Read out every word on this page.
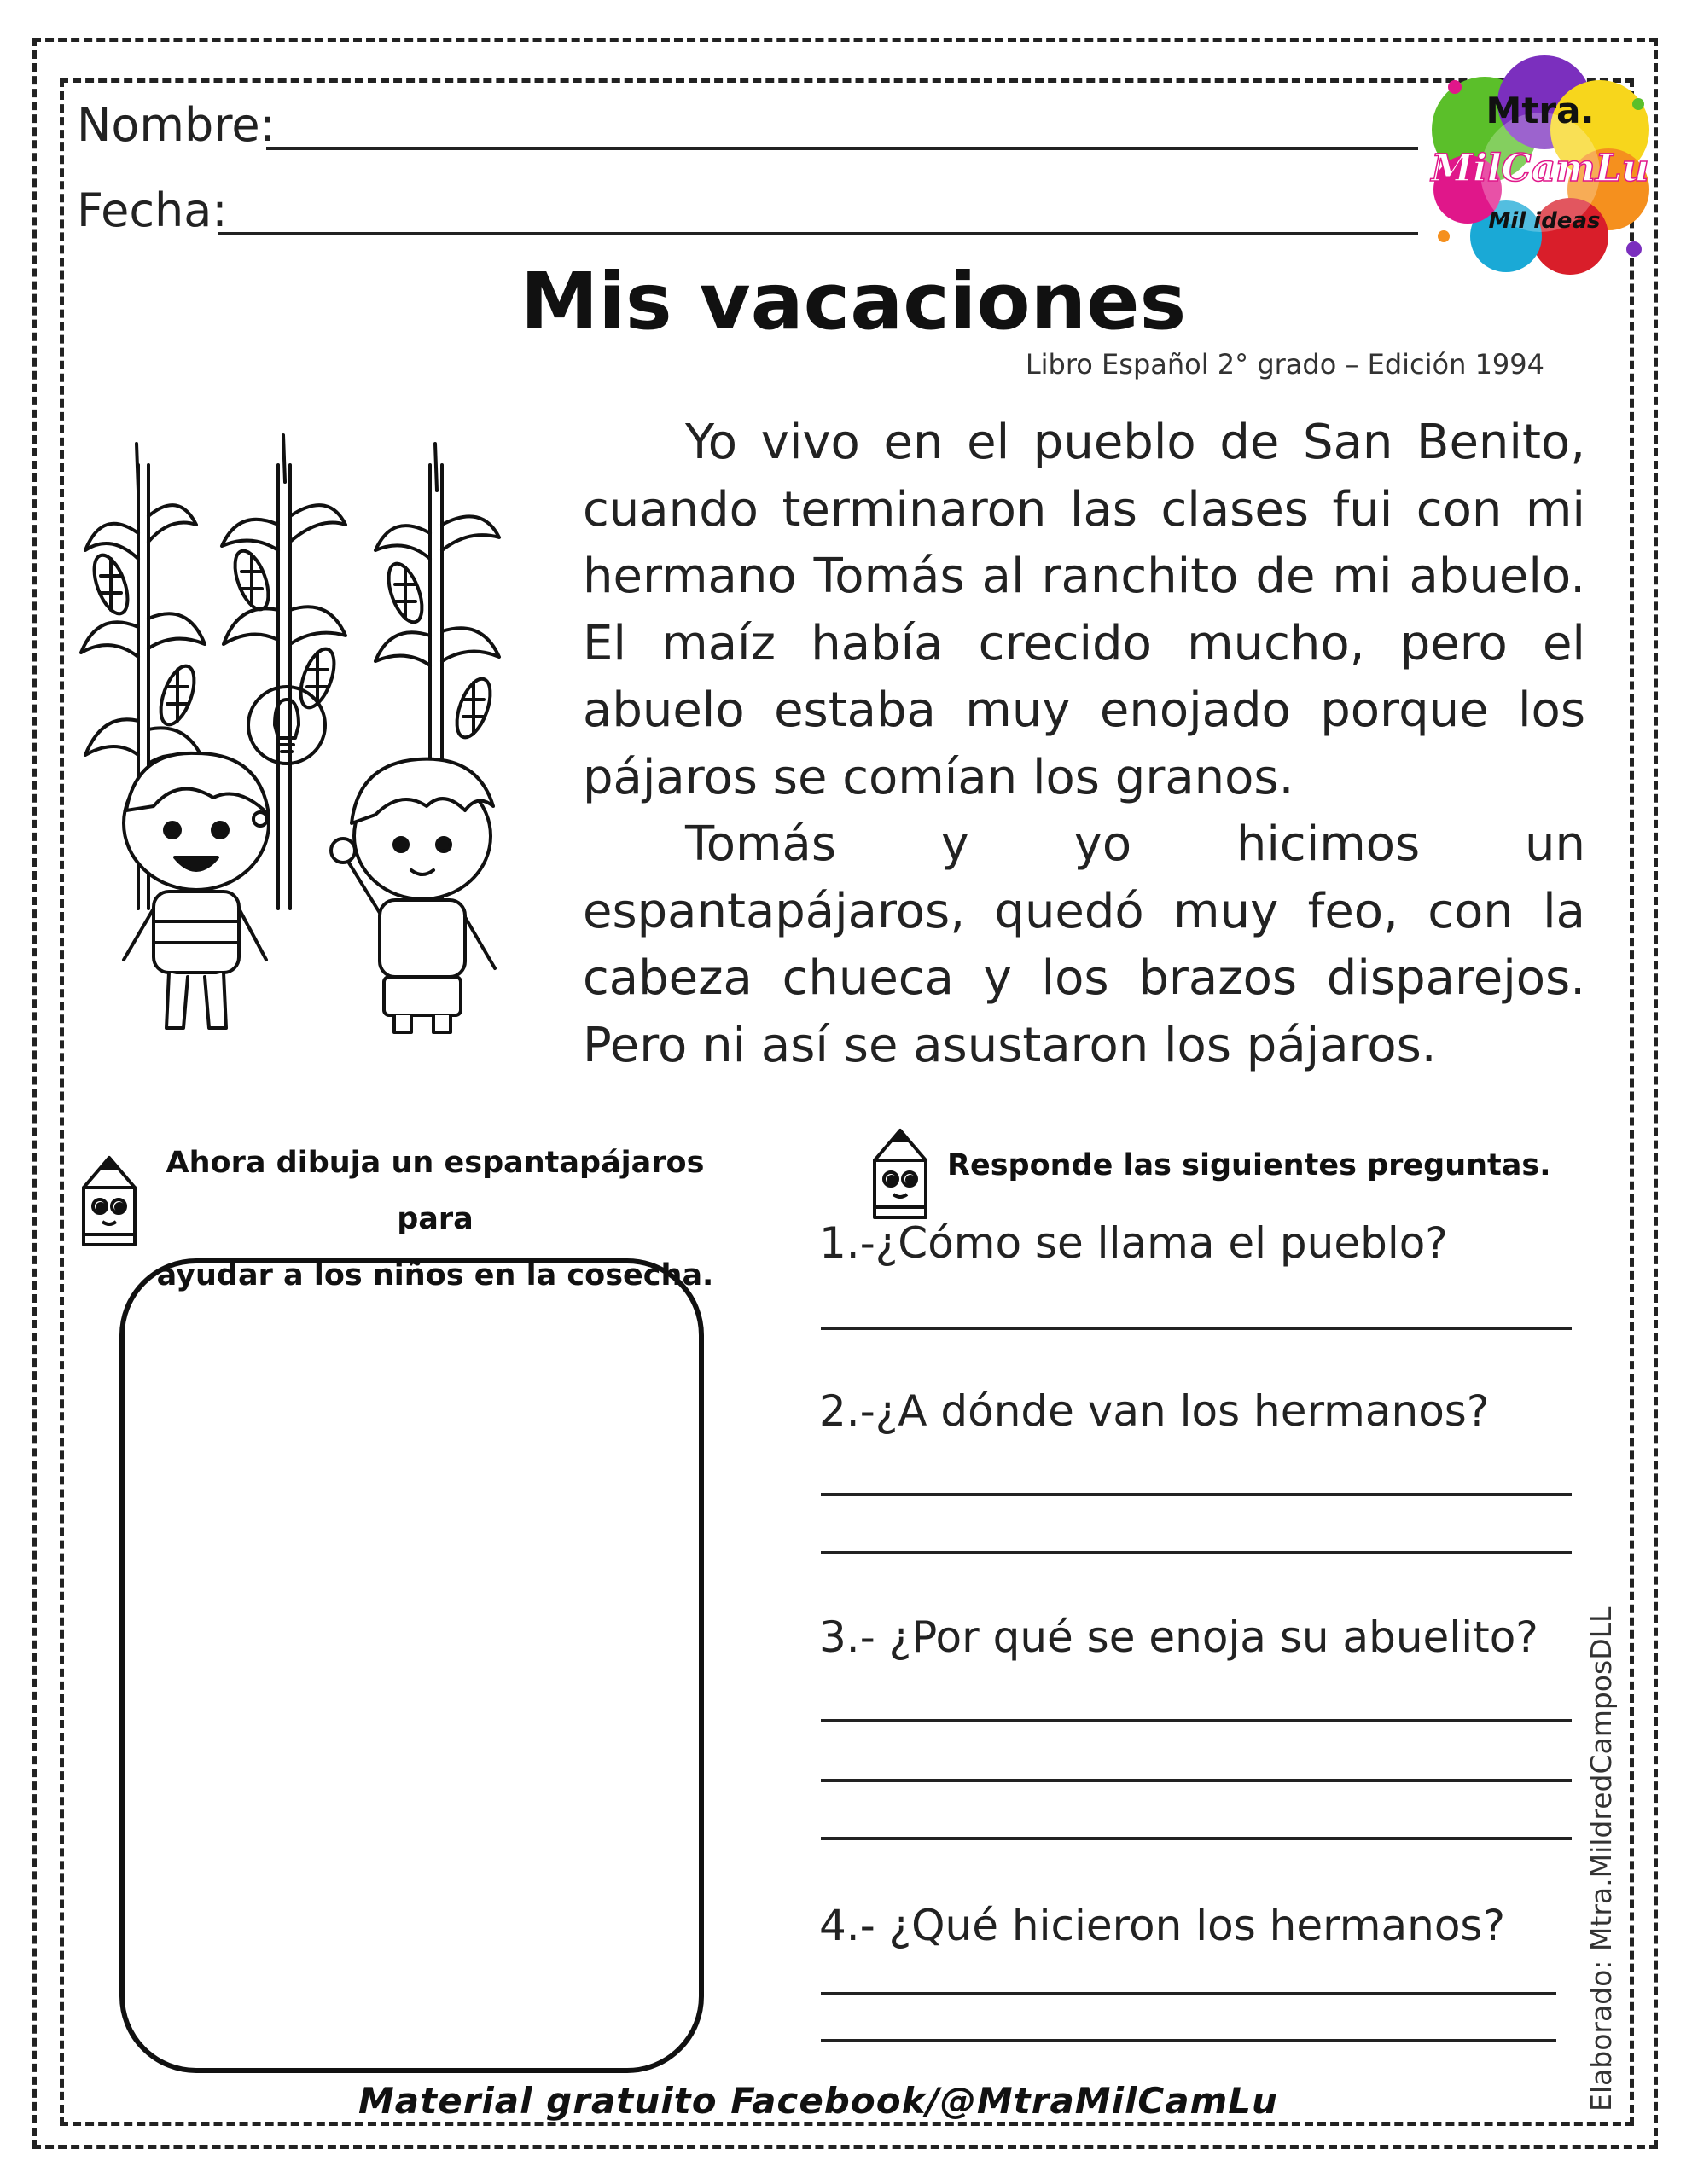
Nombre:
Fecha:
Mtra.
MilCamLu
Mil ideas
Mis vacaciones
Libro Español 2° grado – Edición 1994

Yo vivo en el pueblo de San Benito, cuando terminaron las clases fui con mi hermano Tomás al ranchito de mi abuelo. El maíz había crecido mucho, pero el abuelo estaba muy enojado porque los pájaros se comían los granos.

Tomás y yo hicimos un espantapájaros, quedó muy feo, con la cabeza chueca y los brazos disparejos. Pero ni así se asustaron los pájaros.

Ahora dibuja un espantapájaros para
ayudar a los niños en la cosecha.
Responde las siguientes preguntas.
1.-¿Cómo se llama el pueblo?
2.-¿A dónde van los hermanos?
3.- ¿Por qué se enoja su abuelito?
4.- ¿Qué hicieron los hermanos?
Material gratuito Facebook/@MtraMilCamLu	Elaborado: Mtra.MildredCamposDLL
